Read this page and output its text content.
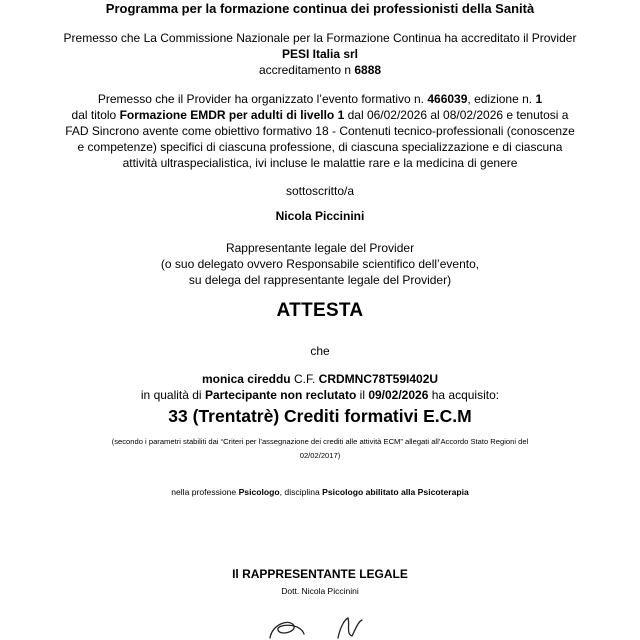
Programma per la formazione continua dei professionisti della Sanità
Premesso che La Commissione Nazionale per la Formazione Continua ha accreditato il Provider
PESI Italia srl
accreditamento n 6888
Premesso che il Provider ha organizzato l’evento formativo n. 466039, edizione n. 1
dal titolo Formazione EMDR per adulti di livello 1 dal 06/02/2026 al 08/02/2026 e tenutosi a
FAD Sincrono avente come obiettivo formativo 18 - Contenuti tecnico-professionali (conoscenze
e competenze) specifici di ciascuna professione, di ciascuna specializzazione e di ciascuna
attività ultraspecialistica, ivi incluse le malattie rare e la medicina di genere
sottoscritto/a
Nicola Piccinini
Rappresentante legale del Provider
(o suo delegato ovvero Responsabile scientifico dell’evento,
su delega del rappresentante legale del Provider)
ATTESTA
che
monica cireddu C.F. CRDMNC78T59I402U
in qualità di Partecipante non reclutato il 09/02/2026 ha acquisito:
33 (Trentatrè) Crediti formativi E.C.M
(secondo i parametri stabiliti dai “Criteri per l’assegnazione dei crediti alle attività ECM” allegati all’Accordo Stato Regioni del
02/02/2017)
nella professione Psicologo, disciplina Psicologo abilitato alla Psicoterapia
Il RAPPRESENTANTE LEGALE
Dott. Nicola Piccinini
